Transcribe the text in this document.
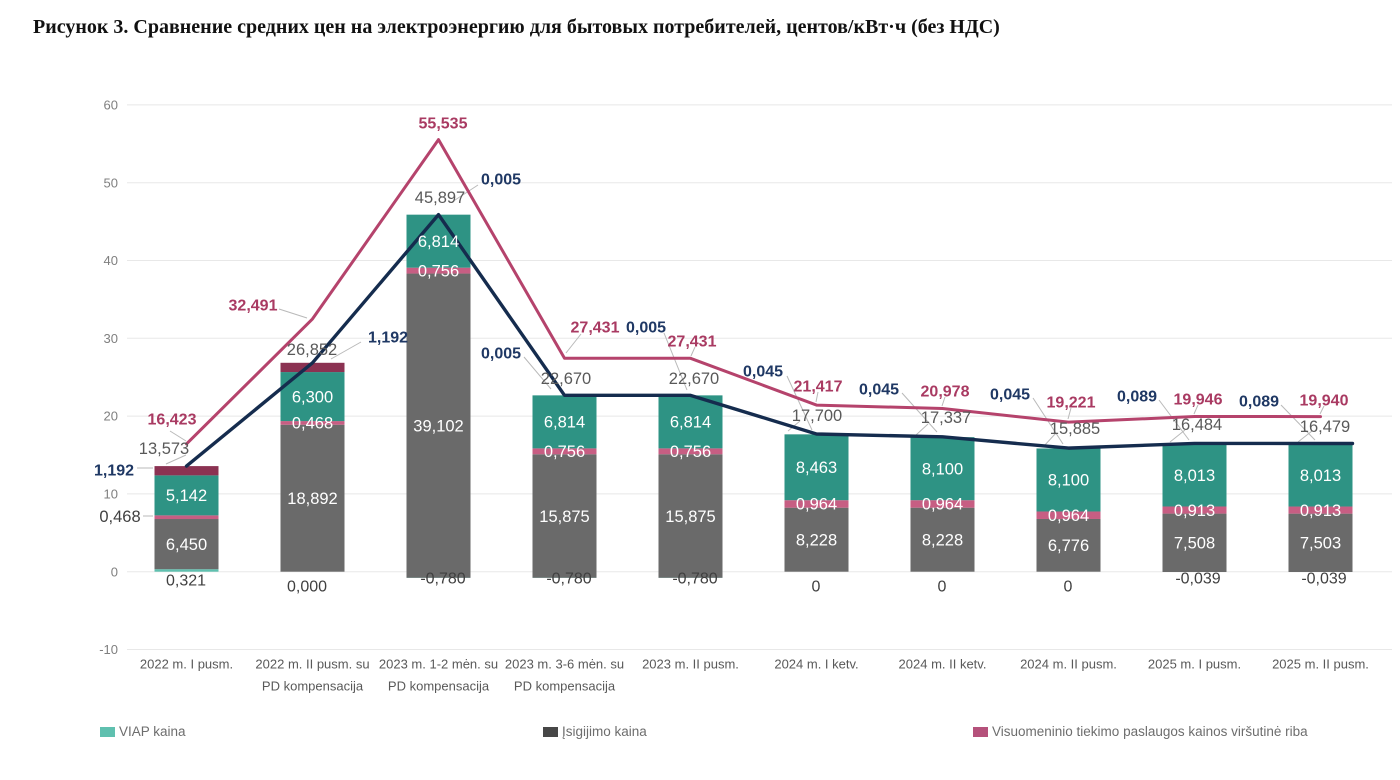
Рисунок 3. Сравнение средних цен на электроэнергию для бытовых потребителей, центов/кВт·ч (без НДС)
60
50
40
30
20
10
0
-10
6,450
0,468
5,142	18,892
0,468
6,300
39,102
0,756
6,814
15,875
0,756
6,814
15,875
0,756
6,814
8,228
0,964
8,463
8,228
0,964
8,100
6,776
0,964
8,100
7,508
0,913
8,013
7,503
0,913
8,013
0,321	0,000	-0,780	-0,780	-0,780	0	0	0	-0,039	-0,039
13,573
26,852
45,897
22,670	22,670
17,700	17,337
15,885	16,484	16,479
1,192
1,192
0,005
0,005
0,005
0,045
0,045	0,045	0,089	0,089
16,423
32,491
55,535
27,431
27,431
21,417	20,978
19,221	19,946	19,940
2022 m. I pusm. 2022 m. II pusm. su
PD kompensacija
2023 m. 1-2 mėn. su
PD kompensacija
2023 m. 3-6 mėn. su
PD kompensacija
2023 m. II pusm.	2024 m. I ketv.	2024 m. II ketv.	2024 m. II pusm. 2025 m. I pusm. 2025 m. II pusm.
VIAP kaina	Įsigijimo kaina	Visuomeninio tiekimo paslaugos kainos viršutinė riba
